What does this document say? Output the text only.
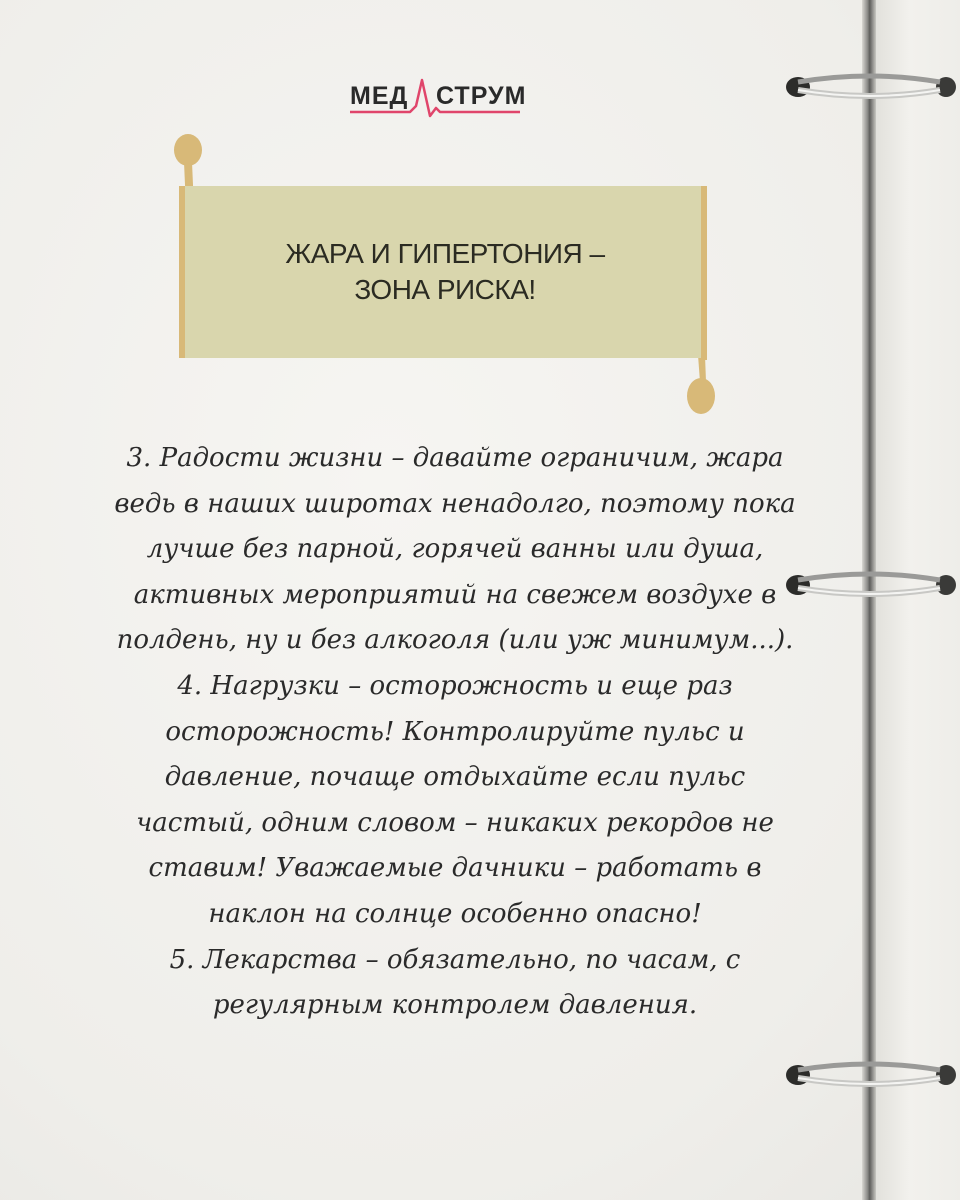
МЕД СТРУМ
ЖАРА И ГИПЕРТОНИЯ –
ЗОНА РИСКА!

3. Радости жизни – давайте ограничим, жара ведь в наших широтах ненадолго, поэтому пока лучше без парной, горячей ванны или душа, активных мероприятий на свежем воздухе в полдень, ну и без алкоголя (или уж минимум...).

4. Нагрузки – осторожность и еще раз осторожность! Контролируйте пульс и давление, почаще отдыхайте если пульс частый, одним словом – никаких рекордов не ставим! Уважаемые дачники – работать в наклон на солнце особенно опасно!

5. Лекарства – обязательно, по часам, с регулярным контролем давления.
